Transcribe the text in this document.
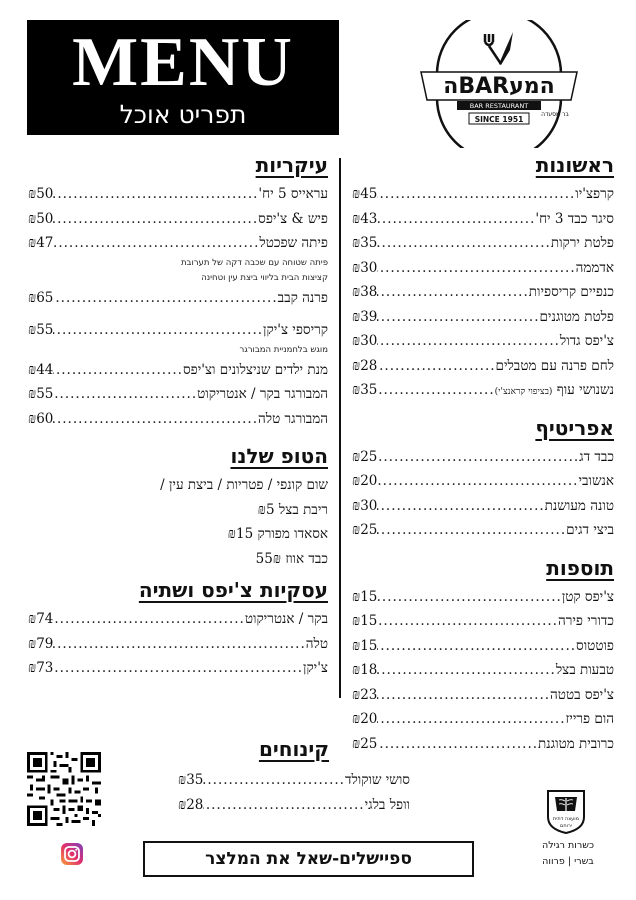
MENU
תפריט אוכל
המעBARה
BAR RESTAURANT
בר מסעדה
SINCE 1951
ראשונות
קרפצ'יו
.....
₪45
סיגר כבד 3 יח'
.....
₪43
פלטת ירקות
.....
₪35
אדממה
.....
₪30
כנפיים קריספיות
.....
₪38
פלטת מטוגנים
.....
₪39
צ'יפס גדול
.....
₪30
לחם פרנה עם מטבלים
.....
₪28
נשנושי עוף

(בציפוי קראנצ'י)
.....
₪35
אפריטיף
כבד דג
.....
₪25
אנשובי
.....
₪20
טונה מעושנת
.....
₪30
ביצי דגים
.....
₪25
תוספות
צ'יפס קטן
.....
₪15
כדורי פירה
.....
₪15
פוטטוס
.....
₪15
טבעות בצל
.....
₪18
צ'יפס בטטה
.....
₪23
הום פרייז
.....
₪20
כרובית מטוגנת
.....
₪25
עיקריות
עראייס 5 יח'
.....
₪50
פיש & צ'יפס
.....
₪50
פיתה שפכטל
.....
₪47
פיתה שטוחה עם שכבה דקה של תערובת
קציצות הבית בליווי ביצת עין וטחינה
פרנה קבב
.....
₪65
קריספי צ'יקן
.....
₪55
מוגש בלחמניית המבורגר
מנת ילדים שניצלונים וצ'יפס
.....
₪44
המבורגר בקר / אנטריקוט
.....
₪55
המבורגר טלה
.....
₪60
הטופ שלנו
שום קונפי / פטריות / ביצת עין /
ריבת בצל ₪5
אסאדו מפורק ₪15
כבד אווז 55₪
עסקיות צ'יפס ושתיה
בקר / אנטריקוט
.....
₪74
טלה
.....
₪79
צ'יקן
.....
₪73
קינוחים
סושי שוקולד
.....
₪35
וופל בלגי
.....
₪28
ספיישלים-שאל את המלצר
מועצה דתית
ירוחם
כשרות רגילה
בשרי | פרווה
